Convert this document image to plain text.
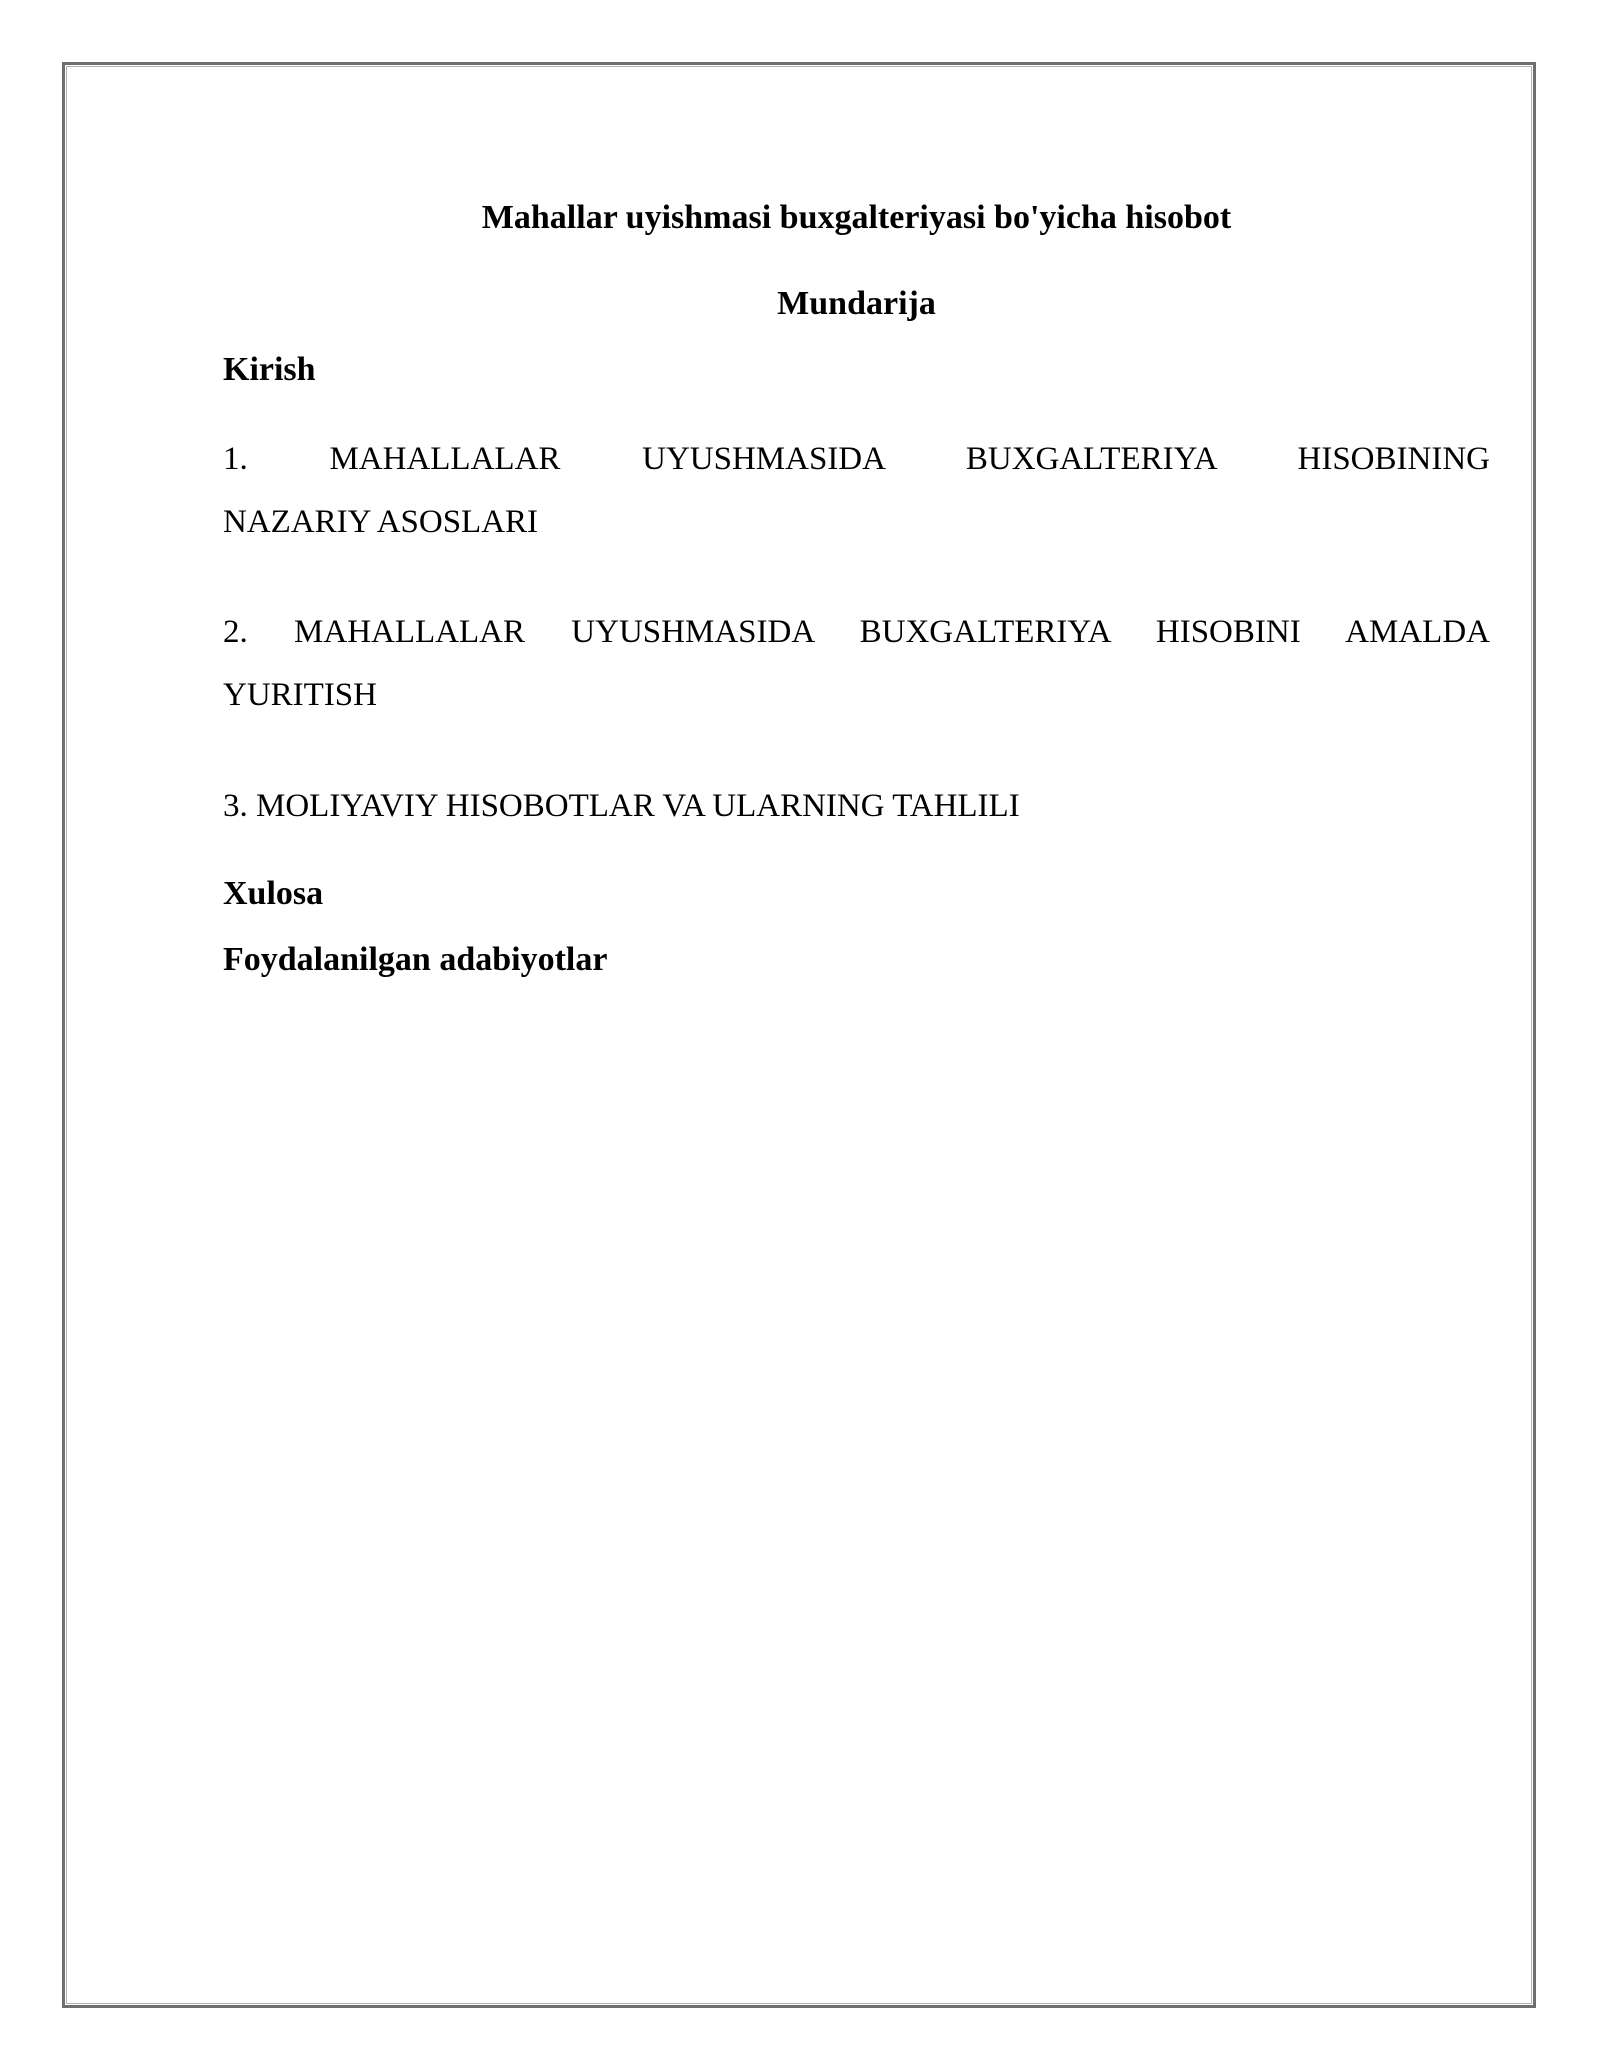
Mahallar uyishmasi buxgalteriyasi bo'yicha hisobot
Mundarija

Kirish

1. MAHALLALAR UYUSHMASIDA BUXGALTERIYA HISOBINING
NAZARIY ASOSLARI

2. MAHALLALAR UYUSHMASIDA BUXGALTERIYA HISOBINI AMALDA
YURITISH

3. MOLIYAVIY HISOBOTLAR VA ULARNING TAHLILI

Xulosa

Foydalanilgan adabiyotlar
